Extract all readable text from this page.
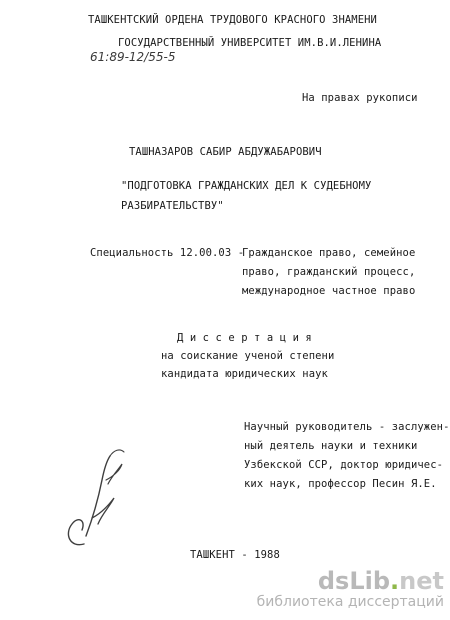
ТАШКЕНТСКИЙ ОРДЕНА ТРУДОВОГО КРАСНОГО ЗНАМЕНИ
ГОСУДАРСТВЕННЫЙ УНИВЕРСИТЕТ ИМ.В.И.ЛЕНИНА
61:89-12/55-5
На правах рукописи
ТАШНАЗАРОВ САБИР АБДУЖАБАРОВИЧ
"ПОДГОТОВКА ГРАЖДАНСКИХ ДЕЛ К СУДЕБНОМУ
РАЗБИРАТЕЛЬСТВУ"
Специальность 12.00.03 -
Гражданское право, семейное
право, гражданский процесс,
международное частное право
Д и с с е р т а ц и я
на соискание ученой степени
кандидата юридических наук
Научный руководитель - заслужен-
ный деятель науки и техники
Узбекской ССР, доктор юридичес-
ких наук, профессор Песин Я.Е.
ТАШКЕНТ - 1988
dsLib.net
библиотека диссертаций
